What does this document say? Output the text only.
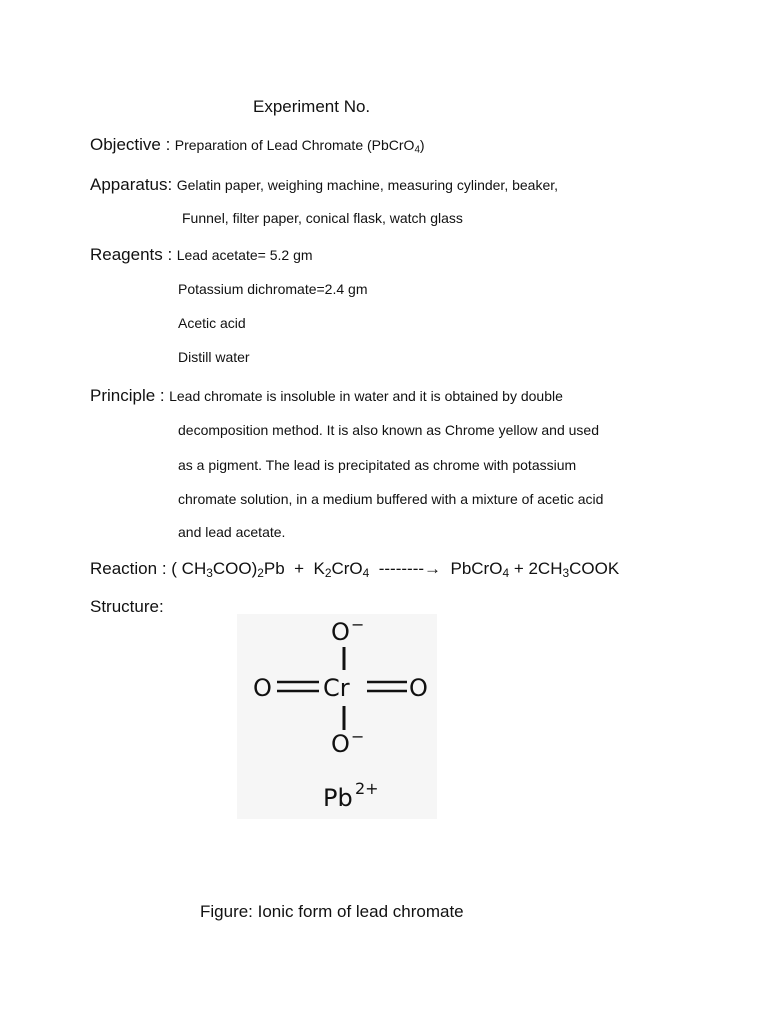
Experiment No.
Objective : Preparation of Lead Chromate (PbCrO$_4$)
Apparatus: Gelatin paper, weighing machine, measuring cylinder, beaker,
Funnel, filter paper, conical flask, watch glass
Reagents : Lead acetate= 5.2 gm
Potassium dichromate=2.4 gm
Acetic acid
Distill water
Principle : Lead chromate is insoluble in water and it is obtained by double
decomposition method. It is also known as Chrome yellow and used
as a pigment. The lead is precipitated as chrome with potassium
chromate solution, in a medium buffered with a mixture of acetic acid
and lead acetate.
Reaction : ( $CH_3COO)_2Pb + K_2CrO_4$ --------→ PbCrO$_4$ + $2CH_3COOK$
Structure:
O −
O Cr O
O −
Pb 2+
Figure: Ionic form of lead chromate
